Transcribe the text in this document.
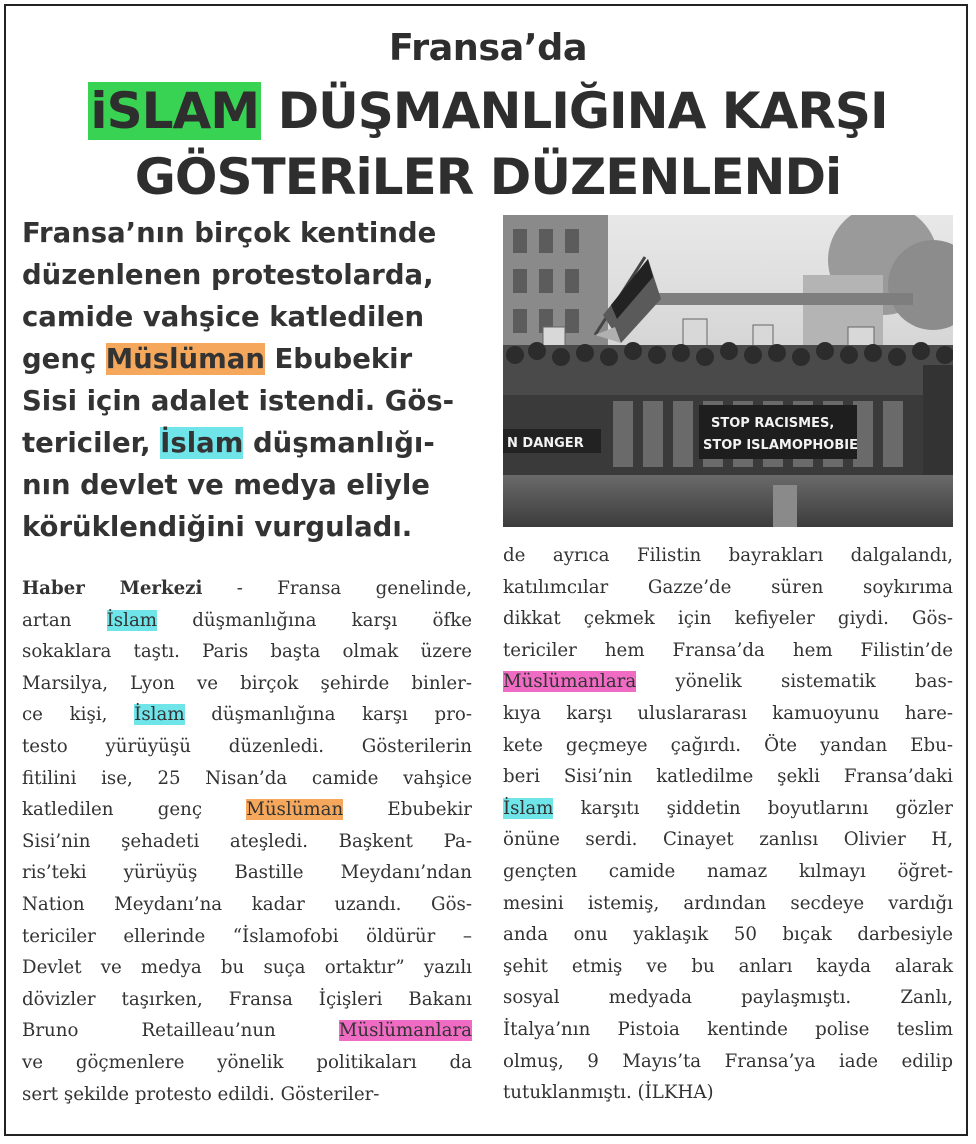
Fransa’da
iSLAM DÜŞMANLIĞINA KARŞI
GÖSTERiLER DÜZENLENDi

Fransa’nın birçok kentinde

düzenlenen protestolarda,

camide vahşice katledilen

genç Müslüman Ebubekir

Sisi için adalet istendi. Gös-

tericiler, İslam düşmanlığı-

nın devlet ve medya eliyle

körüklendiğini vurguladı.

N DANGER
STOP RACISMES,
STOP ISLAMOPHOBIE

Haber Merkezi - Fransa genelinde,

artan İslam düşmanlığına karşı öfke

sokaklara taştı. Paris başta olmak üzere

Marsilya, Lyon ve birçok şehirde binler-

ce kişi, İslam düşmanlığına karşı pro-

testo yürüyüşü düzenledi. Gösterilerin

fitilini ise, 25 Nisan’da camide vahşice

katledilen genç Müslüman Ebubekir

Sisi’nin şehadeti ateşledi. Başkent Pa-

ris’teki yürüyüş Bastille Meydanı’ndan

Nation Meydanı’na kadar uzandı. Gös-

tericiler ellerinde “İslamofobi öldürür –

Devlet ve medya bu suça ortaktır” yazılı

dövizler taşırken, Fransa İçişleri Bakanı

Bruno Retailleau’nun Müslümanlara

ve göçmenlere yönelik politikaları da

sert şekilde protesto edildi. Gösteriler-

de ayrıca Filistin bayrakları dalgalandı,

katılımcılar Gazze’de süren soykırıma

dikkat çekmek için kefiyeler giydi. Gös-

tericiler hem Fransa’da hem Filistin’de

Müslümanlara yönelik sistematik bas-

kıya karşı uluslararası kamuoyunu hare-

kete geçmeye çağırdı. Öte yandan Ebu-

beri Sisi’nin katledilme şekli Fransa’daki

İslam karşıtı şiddetin boyutlarını gözler

önüne serdi. Cinayet zanlısı Olivier H,

gençten camide namaz kılmayı öğret-

mesini istemiş, ardından secdeye vardığı

anda onu yaklaşık 50 bıçak darbesiyle

şehit etmiş ve bu anları kayda alarak

sosyal medyada paylaşmıştı. Zanlı,

İtalya’nın Pistoia kentinde polise teslim

olmuş, 9 Mayıs’ta Fransa’ya iade edilip

tutuklanmıştı. (İLKHA)
